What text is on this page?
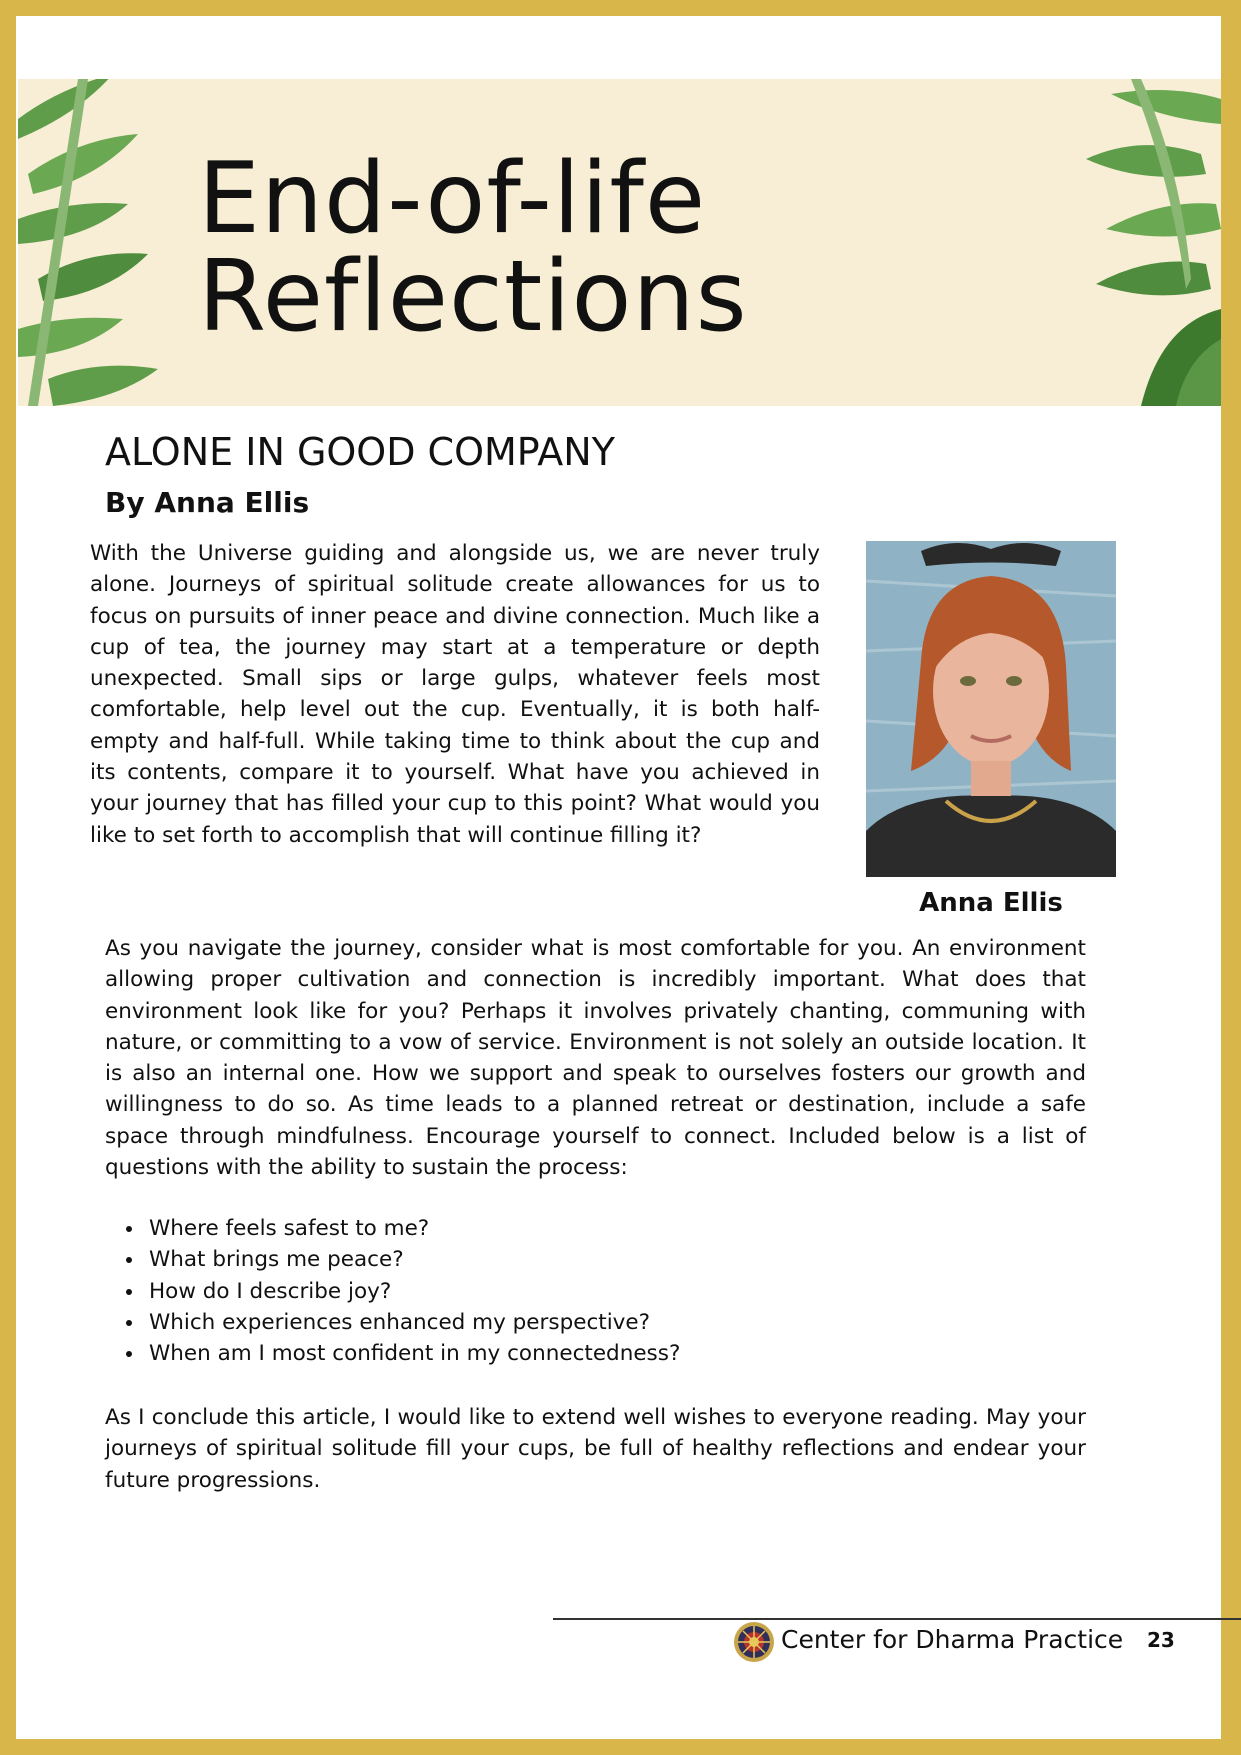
End-of-life
Reflections
ALONE IN GOOD COMPANY
By Anna Ellis
With the Universe guiding and alongside us, we are never truly alone. Journeys of spiritual solitude create allowances for us to focus on pursuits of inner peace and divine connection. Much like a cup of tea, the journey may start at a temperature or depth unexpected. Small sips or large gulps, whatever feels most comfortable, help level out the cup. Eventually, it is both half-empty and half-full. While taking time to think about the cup and its contents, compare it to yourself. What have you achieved in your journey that has filled your cup to this point? What would you like to set forth to accomplish that will continue filling it?
Anna Ellis
As you navigate the journey, consider what is most comfortable for you. An environment allowing proper cultivation and connection is incredibly important. What does that environment look like for you? Perhaps it involves privately chanting, communing with nature, or committing to a vow of service. Environment is not solely an outside location. It is also an internal one. How we support and speak to ourselves fosters our growth and willingness to do so. As time leads to a planned retreat or destination, include a safe space through mindfulness. Encourage yourself to connect. Included below is a list of questions with the ability to sustain the process:
• Where feels safest to me?
• What brings me peace?
• How do I describe joy?
• Which experiences enhanced my perspective?
• When am I most confident in my connectedness?
As I conclude this article, I would like to extend well wishes to everyone reading. May your journeys of spiritual solitude fill your cups, be full of healthy reflections and endear your future progressions.
Center for Dharma Practice 23
